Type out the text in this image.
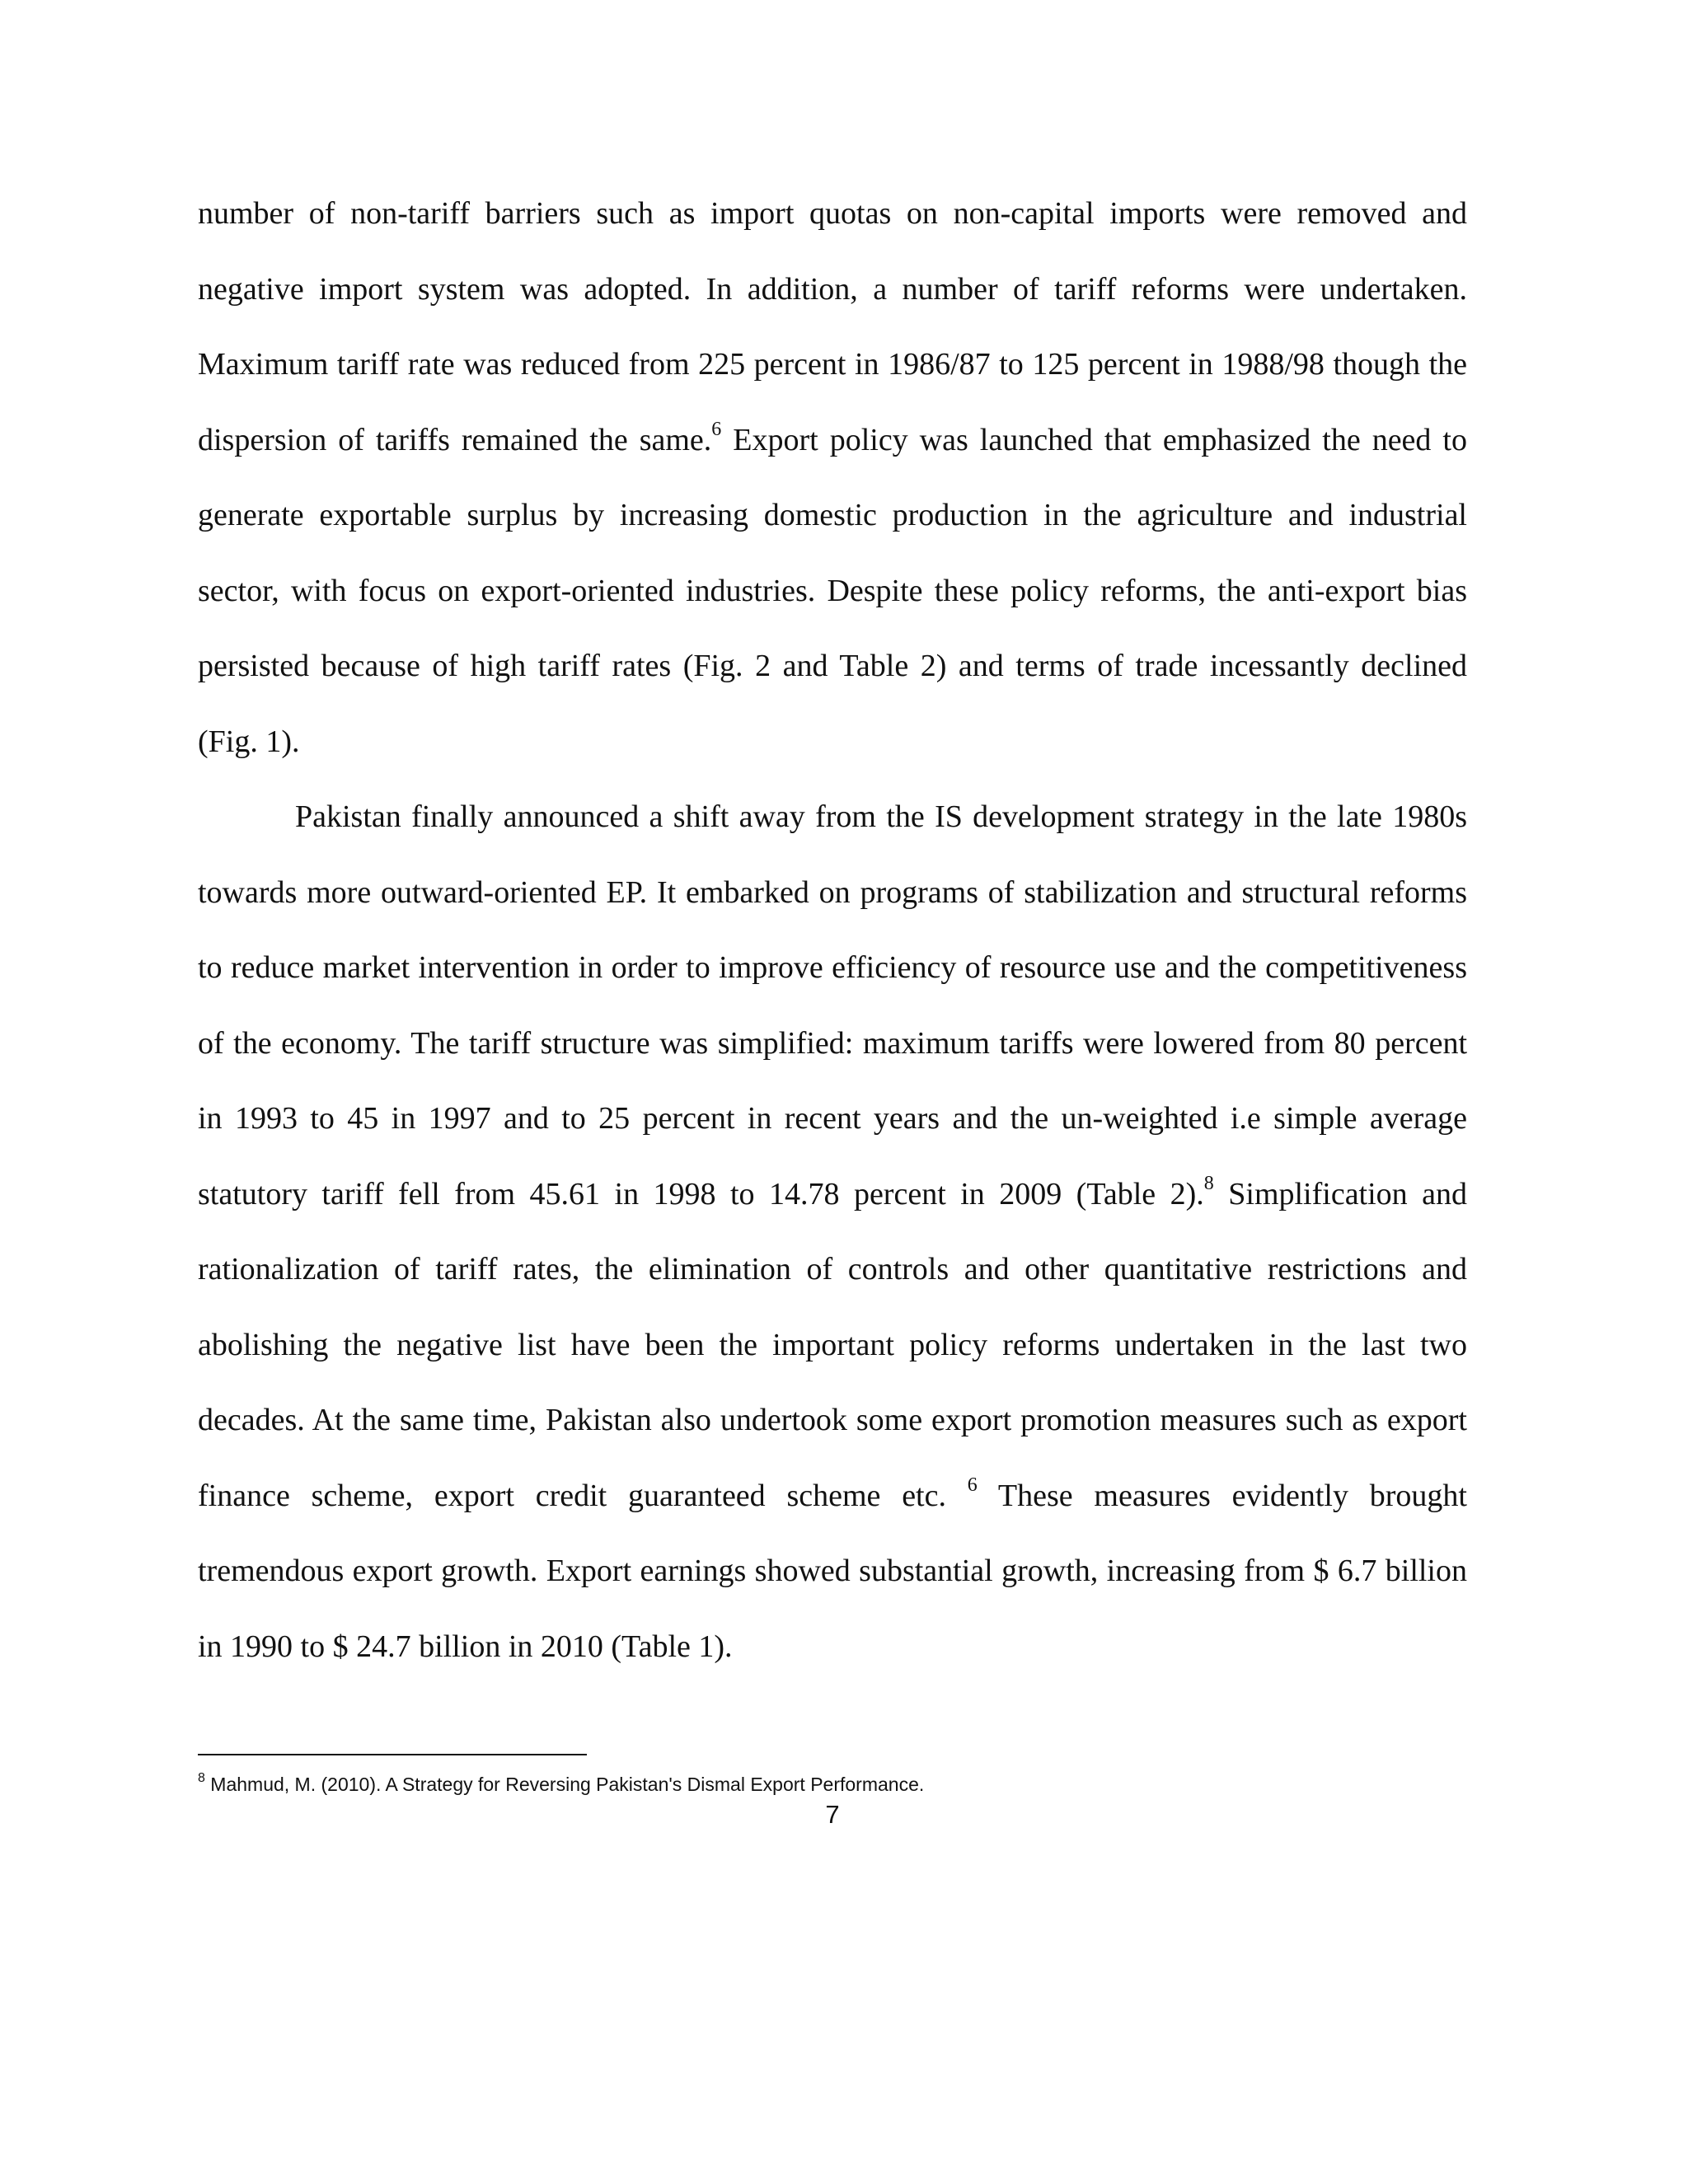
number of non-tariff barriers such as import quotas on non-capital imports were removed and negative import system was adopted. In addition, a number of tariff reforms were undertaken. Maximum tariff rate was reduced from 225 percent in 1986/87 to 125 percent in 1988/98 though the dispersion of tariffs remained the same.$^6$ Export policy was launched that emphasized the need to generate exportable surplus by increasing domestic production in the agriculture and industrial sector, with focus on export-oriented industries. Despite these policy reforms, the anti-export bias persisted because of high tariff rates (Fig. 2 and Table 2) and terms of trade incessantly declined (Fig. 1).

Pakistan finally announced a shift away from the IS development strategy in the late 1980s towards more outward-oriented EP. It embarked on programs of stabilization and structural reforms to reduce market intervention in order to improve efficiency of resource use and the competitiveness of the economy. The tariff structure was simplified: maximum tariffs were lowered from 80 percent in 1993 to 45 in 1997 and to 25 percent in recent years and the un-weighted i.e simple average statutory tariff fell from 45.61 in 1998 to 14.78 percent in 2009 (Table 2).$^8$ Simplification and rationalization of tariff rates, the elimination of controls and other quantitative restrictions and abolishing the negative list have been the important policy reforms undertaken in the last two decades. At the same time, Pakistan also undertook some export promotion measures such as export finance scheme, export credit guaranteed scheme etc. $^6$ These measures evidently brought tremendous export growth. Export earnings showed substantial growth, increasing from $ 6.7 billion in 1990 to $ 24.7 billion in 2010 (Table 1).

$^8$ Mahmud, M. (2010). A Strategy for Reversing Pakistan's Dismal Export Performance.
7
